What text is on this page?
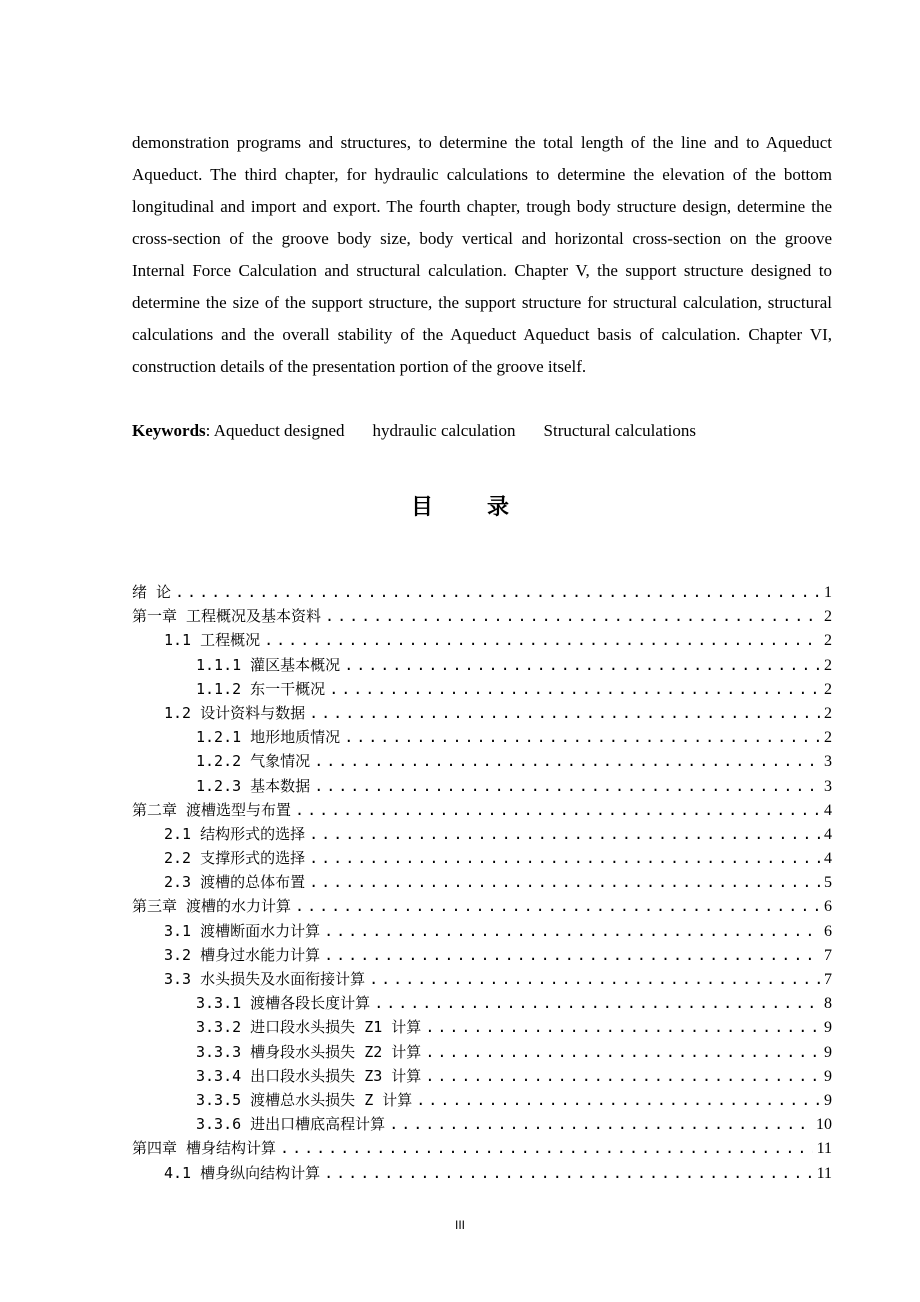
demonstration programs and structures, to determine the total length of the line and to Aqueduct Aqueduct. The third chapter, for hydraulic calculations to determine the elevation of the bottom longitudinal and import and export. The fourth chapter, trough body structure design, determine the cross-section of the groove body size, body vertical and horizontal cross-section on the groove Internal Force Calculation and structural calculation. Chapter V, the support structure designed to determine the size of the support structure, the support structure for structural calculation, structural calculations and the overall stability of the Aqueduct Aqueduct basis of calculation. Chapter VI, construction details of the presentation portion of the groove itself.

Keywords: Aqueduct designed hydraulic calculation Structural calculations
目录
绪 论 .....	1
第一章 工程概况及基本资料 .....	2
1.1 工程概况 .....	2
1.1.1 灌区基本概况 .....	2
1.1.2 东一干概况 .....	2
1.2 设计资料与数据 .....	2
1.2.1 地形地质情况 .....	2
1.2.2 气象情况 .....	3
1.2.3 基本数据 .....	3
第二章 渡槽选型与布置 .....	4
2.1 结构形式的选择 .....	4
2.2 支撑形式的选择 .....	4
2.3 渡槽的总体布置 .....	5
第三章 渡槽的水力计算 .....	6
3.1 渡槽断面水力计算 .....	6
3.2 槽身过水能力计算 .....	7
3.3 水头损失及水面衔接计算 .....	7
3.3.1 渡槽各段长度计算 .....	8
3.3.2 进口段水头损失 Z1 计算 .....	9
3.3.3 槽身段水头损失 Z2 计算 .....	9
3.3.4 出口段水头损失 Z3 计算 .....	9
3.3.5 渡槽总水头损失 Z 计算 .....	9
3.3.6 进出口槽底高程计算 .....	10
第四章 槽身结构计算 .....	11
4.1 槽身纵向结构计算 .....	11
III
